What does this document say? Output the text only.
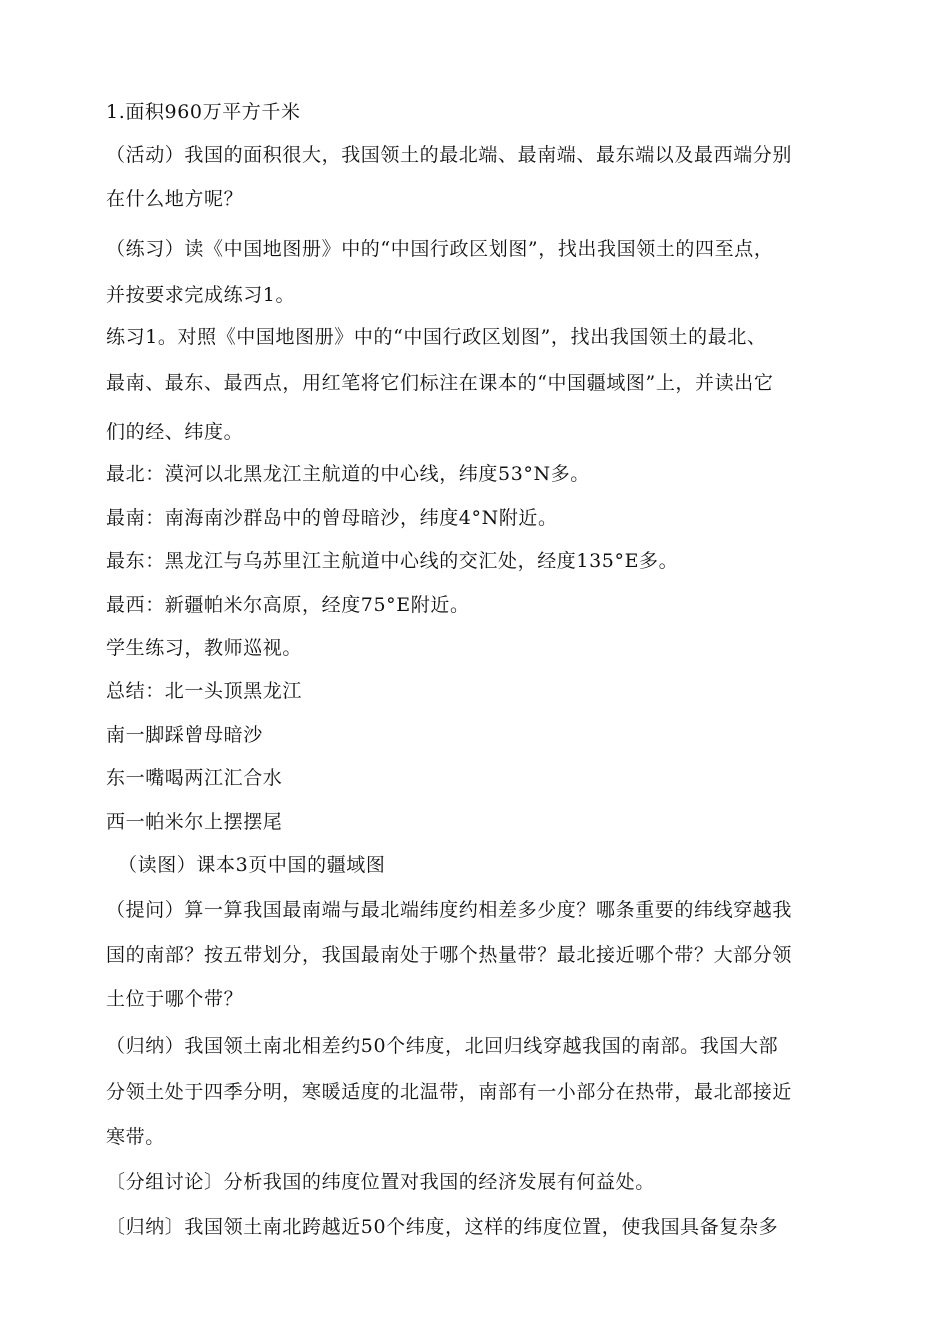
1.面积960万平方千米
（活动）我国的面积很大，我国领土的最北端、最南端、最东端以及最西端分别
在什么地方呢？
（练习）读《中国地图册》中的“中国行政区划图”，找出我国领土的四至点，
并按要求完成练习1。
练习1。对照《中国地图册》中的“中国行政区划图”，找出我国领土的最北、
最南、最东、最西点，用红笔将它们标注在课本的“中国疆域图”上，并读出它
们的经、纬度。
最北：漠河以北黑龙江主航道的中心线，纬度53°N多。
最南：南海南沙群岛中的曾母暗沙，纬度4°N附近。
最东：黑龙江与乌苏里江主航道中心线的交汇处，经度135°E多。
最西：新疆帕米尔高原，经度75°E附近。
学生练习，教师巡视。
总结：北一头顶黑龙江
南一脚踩曾母暗沙
东一嘴喝两江汇合水
西一帕米尔上摆摆尾
（读图）课本3页中国的疆域图
（提问）算一算我国最南端与最北端纬度约相差多少度？哪条重要的纬线穿越我
国的南部？按五带划分，我国最南处于哪个热量带？最北接近哪个带？大部分领
土位于哪个带？
（归纳）我国领土南北相差约50个纬度，北回归线穿越我国的南部。我国大部
分领土处于四季分明，寒暖适度的北温带，南部有一小部分在热带，最北部接近
寒带。
〔分组讨论〕分析我国的纬度位置对我国的经济发展有何益处。
〔归纳〕我国领土南北跨越近50个纬度，这样的纬度位置，使我国具备复杂多
